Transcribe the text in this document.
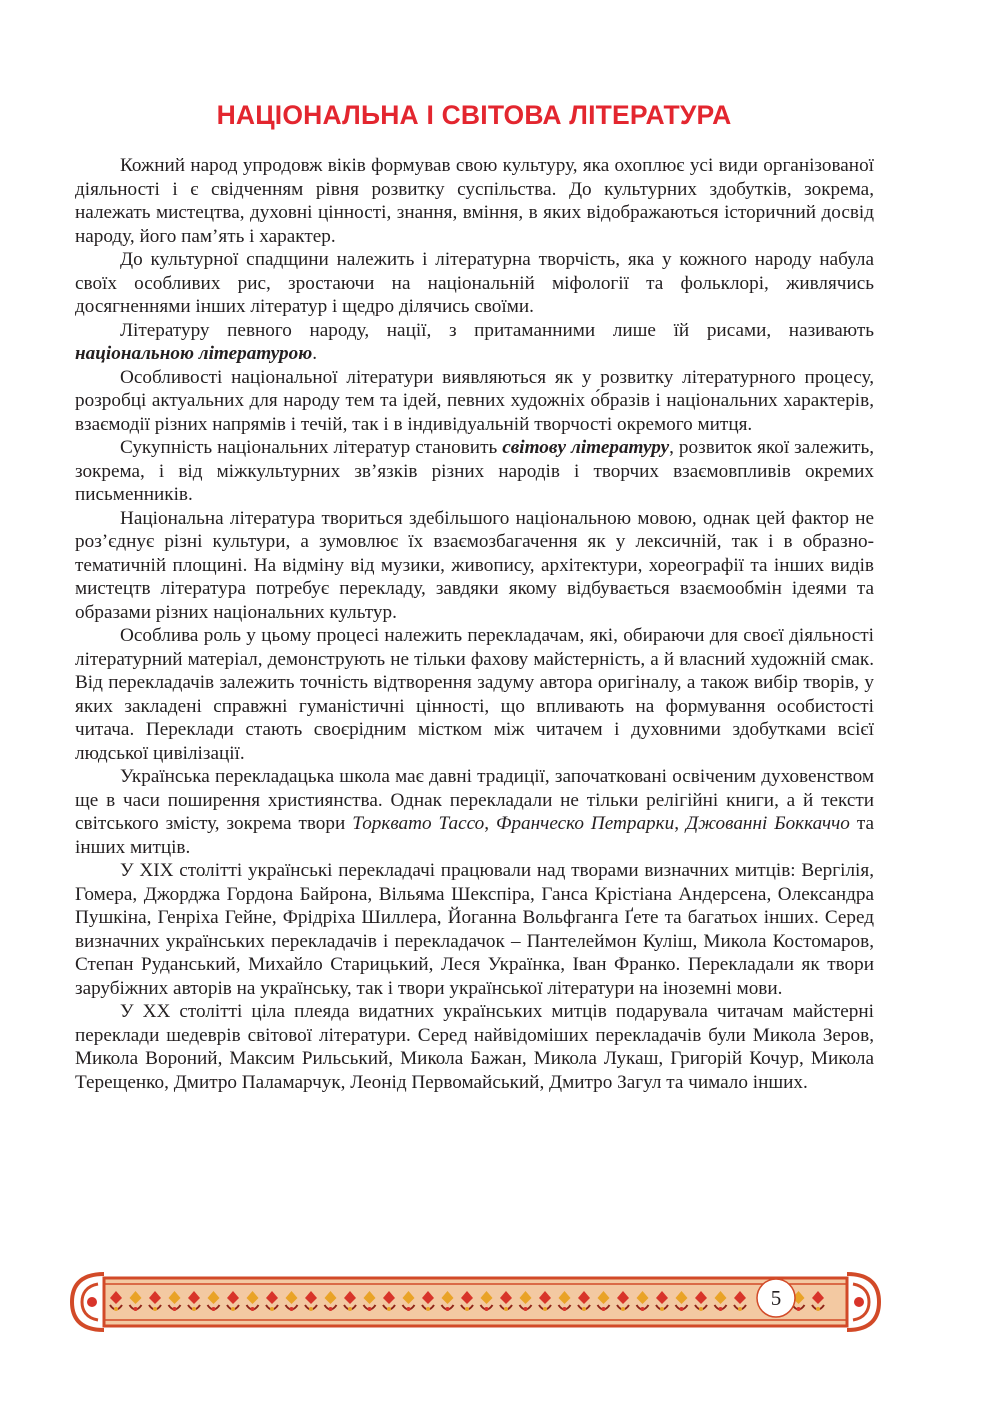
НАЦІОНАЛЬНА І СВІТОВА ЛІТЕРАТУРА

Кожний народ упродовж віків формував свою культуру, яка охоплює усі види організованої діяльності і є свідченням рівня розвитку суспільства. До культурних здобутків, зокрема, належать мистецтва, духовні цінності, знання, вміння, в яких відображаються історичний досвід народу, його пам’ять і характер.

До культурної спадщини належить і літературна творчість, яка у кожного народу набула своїх особливих рис, зростаючи на національній міфології та фольклорі, живлячись досягненнями інших літератур і щедро ділячись своїми.

Літературу певного народу, нації, з притаманними лише їй рисами, називають національною літературою.

Особливості національної літератури виявляються як у розвитку літературного процесу, розробці актуальних для народу тем та ідей, певних художніх о́бразів і національних характерів, взаємодії різних напрямів і течій, так і в індивідуальній творчості окремого митця.

Сукупність національних літератур становить світову літературу, розвиток якої залежить, зокрема, і від міжкультурних зв’язків різних народів і творчих взаємовпливів окремих письменників.

Національна література твориться здебільшого національною мовою, однак цей фактор не роз’єднує різні культури, а зумовлює їх взаємозбагачення як у лексичній, так і в образно-тематичній площині. На відміну від музики, живопису, архітектури, хореографії та інших видів мистецтв література потребує перекладу, завдяки якому відбувається взаємообмін ідеями та образами різних національних культур.

Особлива роль у цьому процесі належить перекладачам, які, обираючи для своєї діяльності літературний матеріал, демонструють не тільки фахову майстерність, а й власний художній смак. Від перекладачів залежить точність відтворення задуму автора оригіналу, а також вибір творів, у яких закладені справжні гуманістичні цінності, що впливають на формування особистості читача. Переклади стають своєрідним містком між читачем і духовними здобутками всієї людської цивілізації.

Українська перекладацька школа має давні традиції, започатковані освіченим духовенством ще в часи поширення християнства. Однак перекладали не тільки релігійні книги, а й тексти світського змісту, зокрема твори Торквато Тассо, Франческо Петрарки, Джованні Боккаччо та інших митців.

У XIX столітті українські перекладачі працювали над творами визначних митців: Вергілія, Гомера, Джорджа Гордона Байрона, Вільяма Шекспіра, Ганса Крістіана Андерсена, Олександра Пушкіна, Генріха Гейне, Фрідріха Шиллера, Йоганна Вольфганга Ґете та багатьох інших. Серед визначних українських перекладачів і перекладачок – Пантелеймон Куліш, Микола Костомаров, Степан Руданський, Михайло Старицький, Леся Українка, Іван Франко. Перекладали як твори зарубіжних авторів на українську, так і твори української літератури на іноземні мови.

У XX столітті ціла плеяда видатних українських митців подарувала читачам майстерні переклади шедеврів світової літератури. Серед найвідоміших перекладачів були Микола Зеров, Микола Вороний, Максим Рильський, Микола Бажан, Микола Лукаш, Григорій Кочур, Микола Терещенко, Дмитро Паламарчук, Леонід Первомайський, Дмитро Загул та чимало інших.

5
